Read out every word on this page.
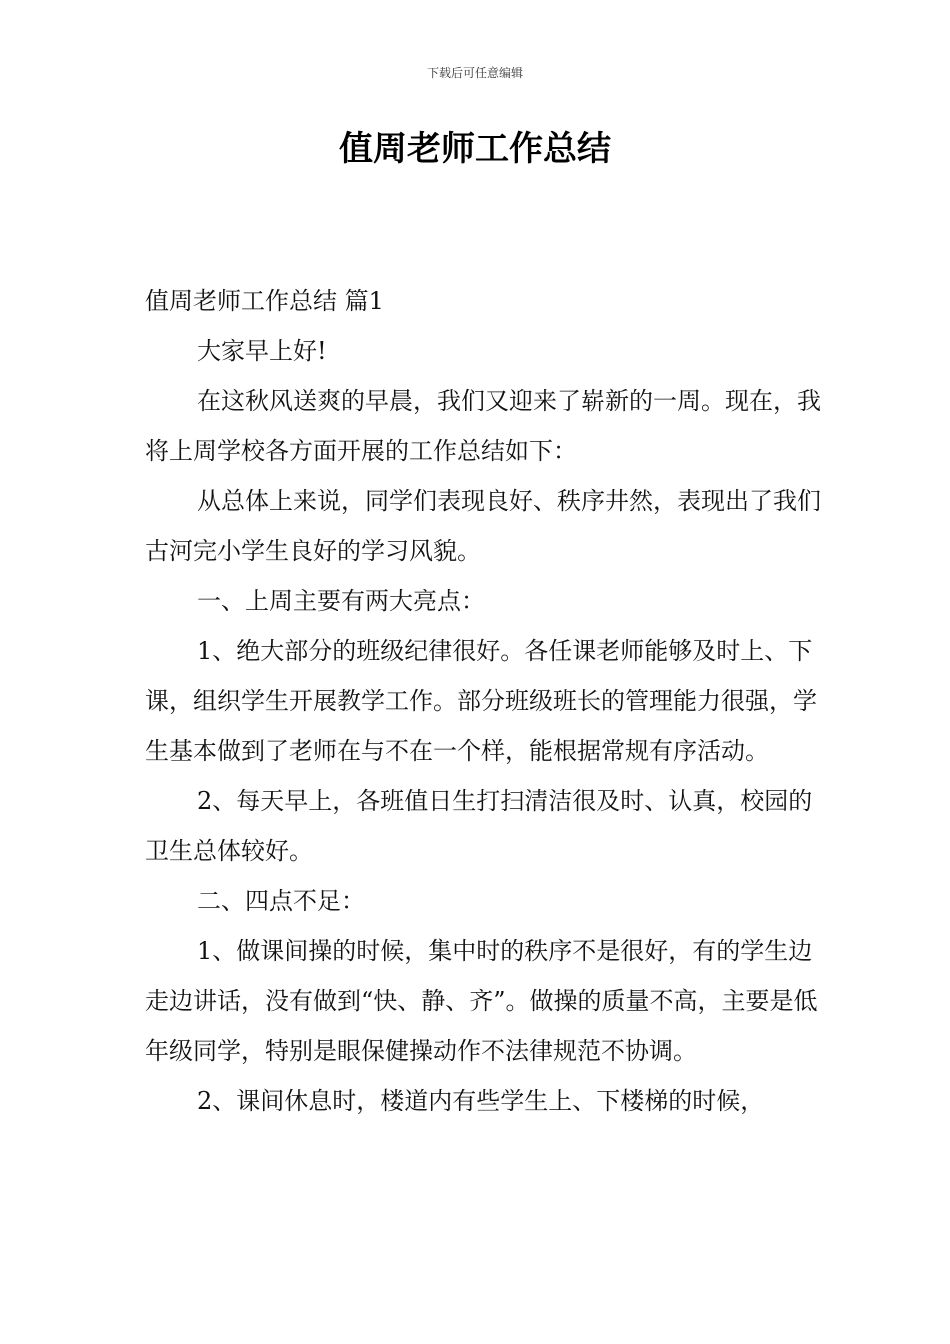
下载后可任意编辑
值周老师工作总结

值周老师工作总结 篇1

大家早上好!

在这秋风送爽的早晨，我们又迎来了崭新的一周。现在，我将上周学校各方面开展的工作总结如下：

从总体上来说，同学们表现良好、秩序井然，表现出了我们古河完小学生良好的学习风貌。

一、上周主要有两大亮点：

1、绝大部分的班级纪律很好。各任课老师能够及时上、下课，组织学生开展教学工作。部分班级班长的管理能力很强，学生基本做到了老师在与不在一个样，能根据常规有序活动。

2、每天早上，各班值日生打扫清洁很及时、认真，校园的卫生总体较好。

二、四点不足：

1、做课间操的时候，集中时的秩序不是很好，有的学生边走边讲话，没有做到“快、静、齐”。做操的质量不高，主要是低年级同学，特别是眼保健操动作不法律规范不协调。

2、课间休息时，楼道内有些学生上、下楼梯的时候，
